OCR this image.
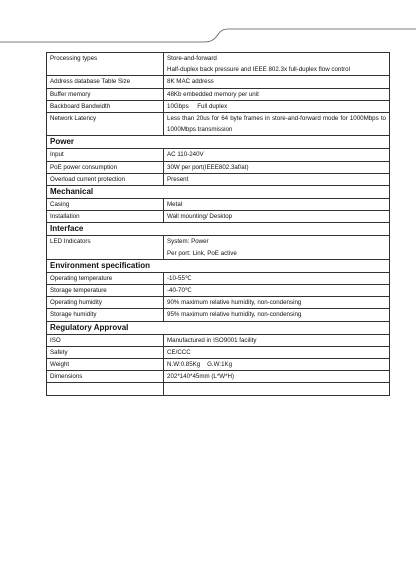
Processing types	Store-and-forward
Half-duplex back pressure and IEEE 802.3x full-duplex flow control

Address database Table Size	8K MAC address
Buffer memory	48Kb embedded memory per unit
Backboard Bandwidth	10Gbps     Full duplex
Network Latency	Less than 20us for 64 byte frames in store-and-forward mode for 1000Mbps to 1000Mbps transmission
Power	
Input	AC 110-240V
PoE power consumption	30W per port(IEEE802.3af/at)
Overload current protection	Present
Mechanical	
Casing	Metal
Installation	Wall mounting/ Desktop
Interface	
LED Indicators	System: Power
Per port: Link, PoE active

Environment specification	
Operating temperature	-10-55℃
Storage temperature	-40-70℃
Operating humidity	90% maximum relative humidity, non-condensing
Storage humidity	95% maximum relative humidity, non-condensing
Regulatory Approval	
ISO	Manufactured in ISO9001 facility
Safety	CE/CCC
Weight	N.W:0.85Kg    G.W:1Kg
Dimensions	202*140*45mm (L*W*H)
